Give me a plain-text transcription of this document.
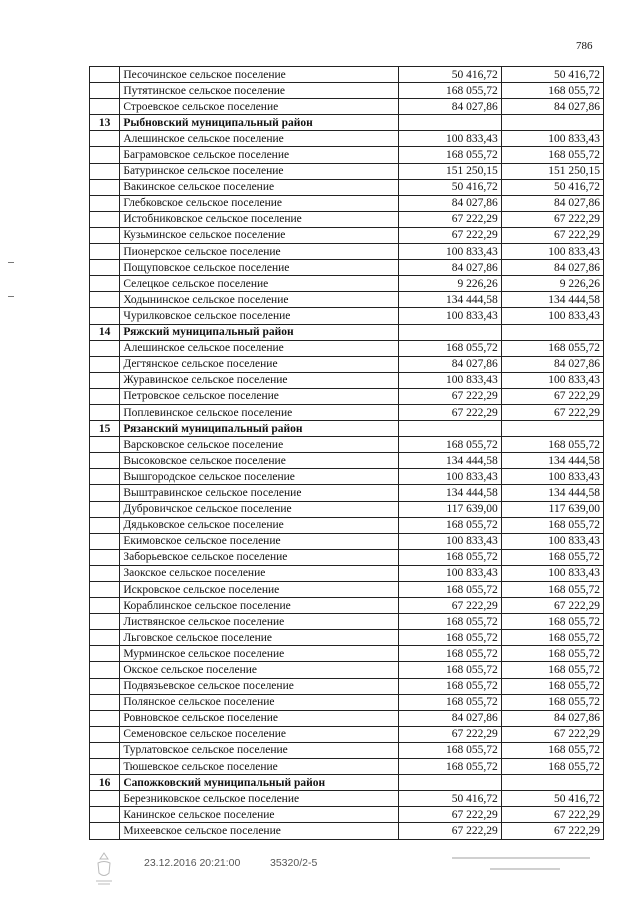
786
	Песочинское сельское поселение	50 416,72	50 416,72
	Путятинское сельское поселение	168 055,72	168 055,72
	Строевское сельское поселение	84 027,86	84 027,86
13	Рыбновский муниципальный район		
	Алешинское сельское поселение	100 833,43	100 833,43
	Баграмовское сельское поселение	168 055,72	168 055,72
	Батуринское сельское поселение	151 250,15	151 250,15
	Вакинское сельское поселение	50 416,72	50 416,72
	Глебковское сельское поселение	84 027,86	84 027,86
	Истобниковское сельское поселение	67 222,29	67 222,29
	Кузьминское сельское поселение	67 222,29	67 222,29
	Пионерское сельское поселение	100 833,43	100 833,43
	Пощуповское сельское поселение	84 027,86	84 027,86
	Селецкое сельское поселение	9 226,26	9 226,26
	Ходынинское сельское поселение	134 444,58	134 444,58
	Чурилковское сельское поселение	100 833,43	100 833,43
14	Ряжский муниципальный район		
	Алешинское сельское поселение	168 055,72	168 055,72
	Дегтянское сельское поселение	84 027,86	84 027,86
	Журавинское сельское поселение	100 833,43	100 833,43
	Петровское сельское поселение	67 222,29	67 222,29
	Поплевинское сельское поселение	67 222,29	67 222,29
15	Рязанский муниципальный район		
	Варсковское сельское поселение	168 055,72	168 055,72
	Высоковское сельское поселение	134 444,58	134 444,58
	Вышгородское сельское поселение	100 833,43	100 833,43
	Выштравинское сельское поселение	134 444,58	134 444,58
	Дубровичское сельское поселение	117 639,00	117 639,00
	Дядьковское сельское поселение	168 055,72	168 055,72
	Екимовское сельское поселение	100 833,43	100 833,43
	Заборьевское сельское поселение	168 055,72	168 055,72
	Заокское сельское поселение	100 833,43	100 833,43
	Искровское сельское поселение	168 055,72	168 055,72
	Кораблинское сельское поселение	67 222,29	67 222,29
	Листвянское сельское поселение	168 055,72	168 055,72
	Льговское сельское поселение	168 055,72	168 055,72
	Мурминское сельское поселение	168 055,72	168 055,72
	Окское сельское поселение	168 055,72	168 055,72
	Подвязьевское сельское поселение	168 055,72	168 055,72
	Полянское сельское поселение	168 055,72	168 055,72
	Ровновское сельское поселение	84 027,86	84 027,86
	Семеновское сельское поселение	67 222,29	67 222,29
	Турлатовское сельское поселение	168 055,72	168 055,72
	Тюшевское сельское поселение	168 055,72	168 055,72
16	Сапожковский муниципальный район		
	Березниковское сельское поселение	50 416,72	50 416,72
	Канинское сельское поселение	67 222,29	67 222,29
	Михеевское сельское поселение	67 222,29	67 222,29
23.12.2016 20:21:00	35320/2-5
